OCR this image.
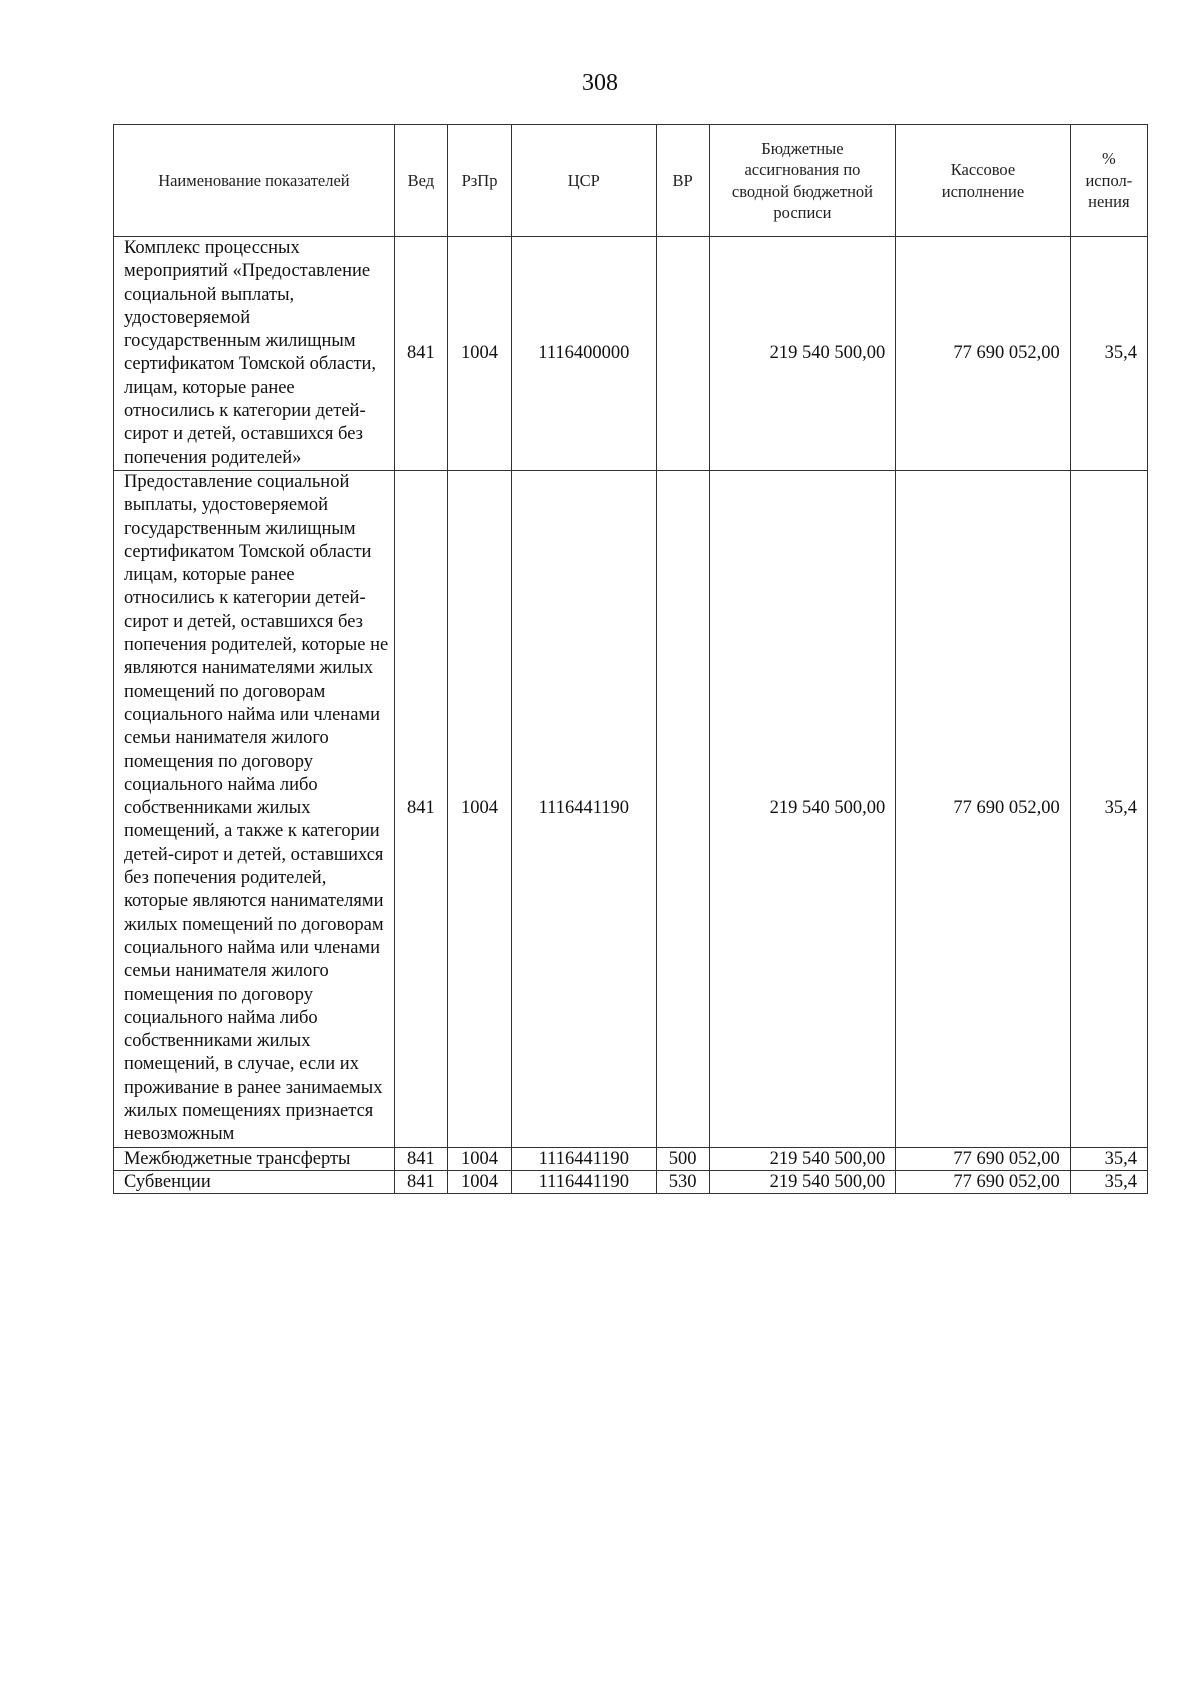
308
Наименование показателей	Вед	РзПр	ЦСР	ВР	Бюджетные ассигнования по сводной бюджетной росписи	Кассовое исполнение	% испол-нения
Комплекс процессных мероприятий «Предоставление социальной выплаты, удостоверяемой государственным жилищным сертификатом Томской области, лицам, которые ранее относились к категории детей-сирот и детей, оставшихся без попечения родителей»	841	1004	1116400000		219 540 500,00	77 690 052,00	35,4
Предоставление социальной выплаты, удостоверяемой государственным жилищным сертификатом Томской области лицам, которые ранее относились к категории детей-сирот и детей, оставшихся без попечения родителей, которые не являются нанимателями жилых помещений по договорам социального найма или членами семьи нанимателя жилого помещения по договору социального найма либо собственниками жилых помещений, а также к категории детей-сирот и детей, оставшихся без попечения родителей, которые являются нанимателями жилых помещений по договорам социального найма или членами семьи нанимателя жилого помещения по договору социального найма либо собственниками жилых помещений, в случае, если их проживание в ранее занимаемых жилых помещениях признается невозможным	841	1004	1116441190		219 540 500,00	77 690 052,00	35,4
Межбюджетные трансферты	841	1004	1116441190	500	219 540 500,00	77 690 052,00	35,4
Субвенции	841	1004	1116441190	530	219 540 500,00	77 690 052,00	35,4
